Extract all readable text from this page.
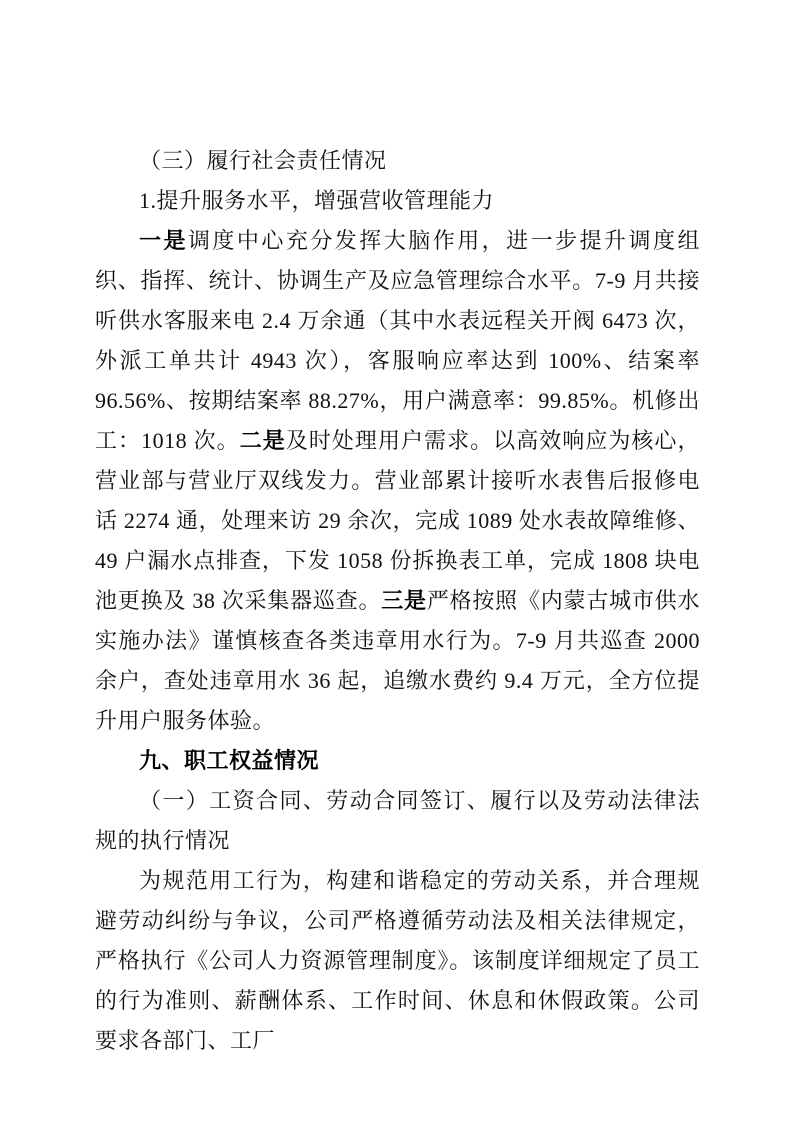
（三）履行社会责任情况

1.提升服务水平，增强营收管理能力

一是调度中心充分发挥大脑作用，进一步提升调度组织、指挥、统计、协调生产及应急管理综合水平。7-9 月共接听供水客服来电 2.4 万余通（其中水表远程关开阀 6473 次，外派工单共计 4943 次），客服响应率达到 100%、结案率 96.56%、按期结案率 88.27%，用户满意率：99.85%。机修出工：1018 次。二是及时处理用户需求。以高效响应为核心，营业部与营业厅双线发力。营业部累计接听水表售后报修电话 2274 通，处理来访 29 余次，完成 1089 处水表故障维修、49 户漏水点排查，下发 1058 份拆换表工单，完成 1808 块电池更换及 38 次采集器巡查。三是严格按照《内蒙古城市供水实施办法》谨慎核查各类违章用水行为。7-9 月共巡查 2000 余户，查处违章用水 36 起，追缴水费约 9.4 万元，全方位提升用户服务体验。

九、职工权益情况

（一）工资合同、劳动合同签订、履行以及劳动法律法规的执行情况

为规范用工行为，构建和谐稳定的劳动关系，并合理规避劳动纠纷与争议，公司严格遵循劳动法及相关法律规定，严格执行《公司人力资源管理制度》。该制度详细规定了员工的行为准则、薪酬体系、工作时间、休息和休假政策。公司要求各部门、工厂
